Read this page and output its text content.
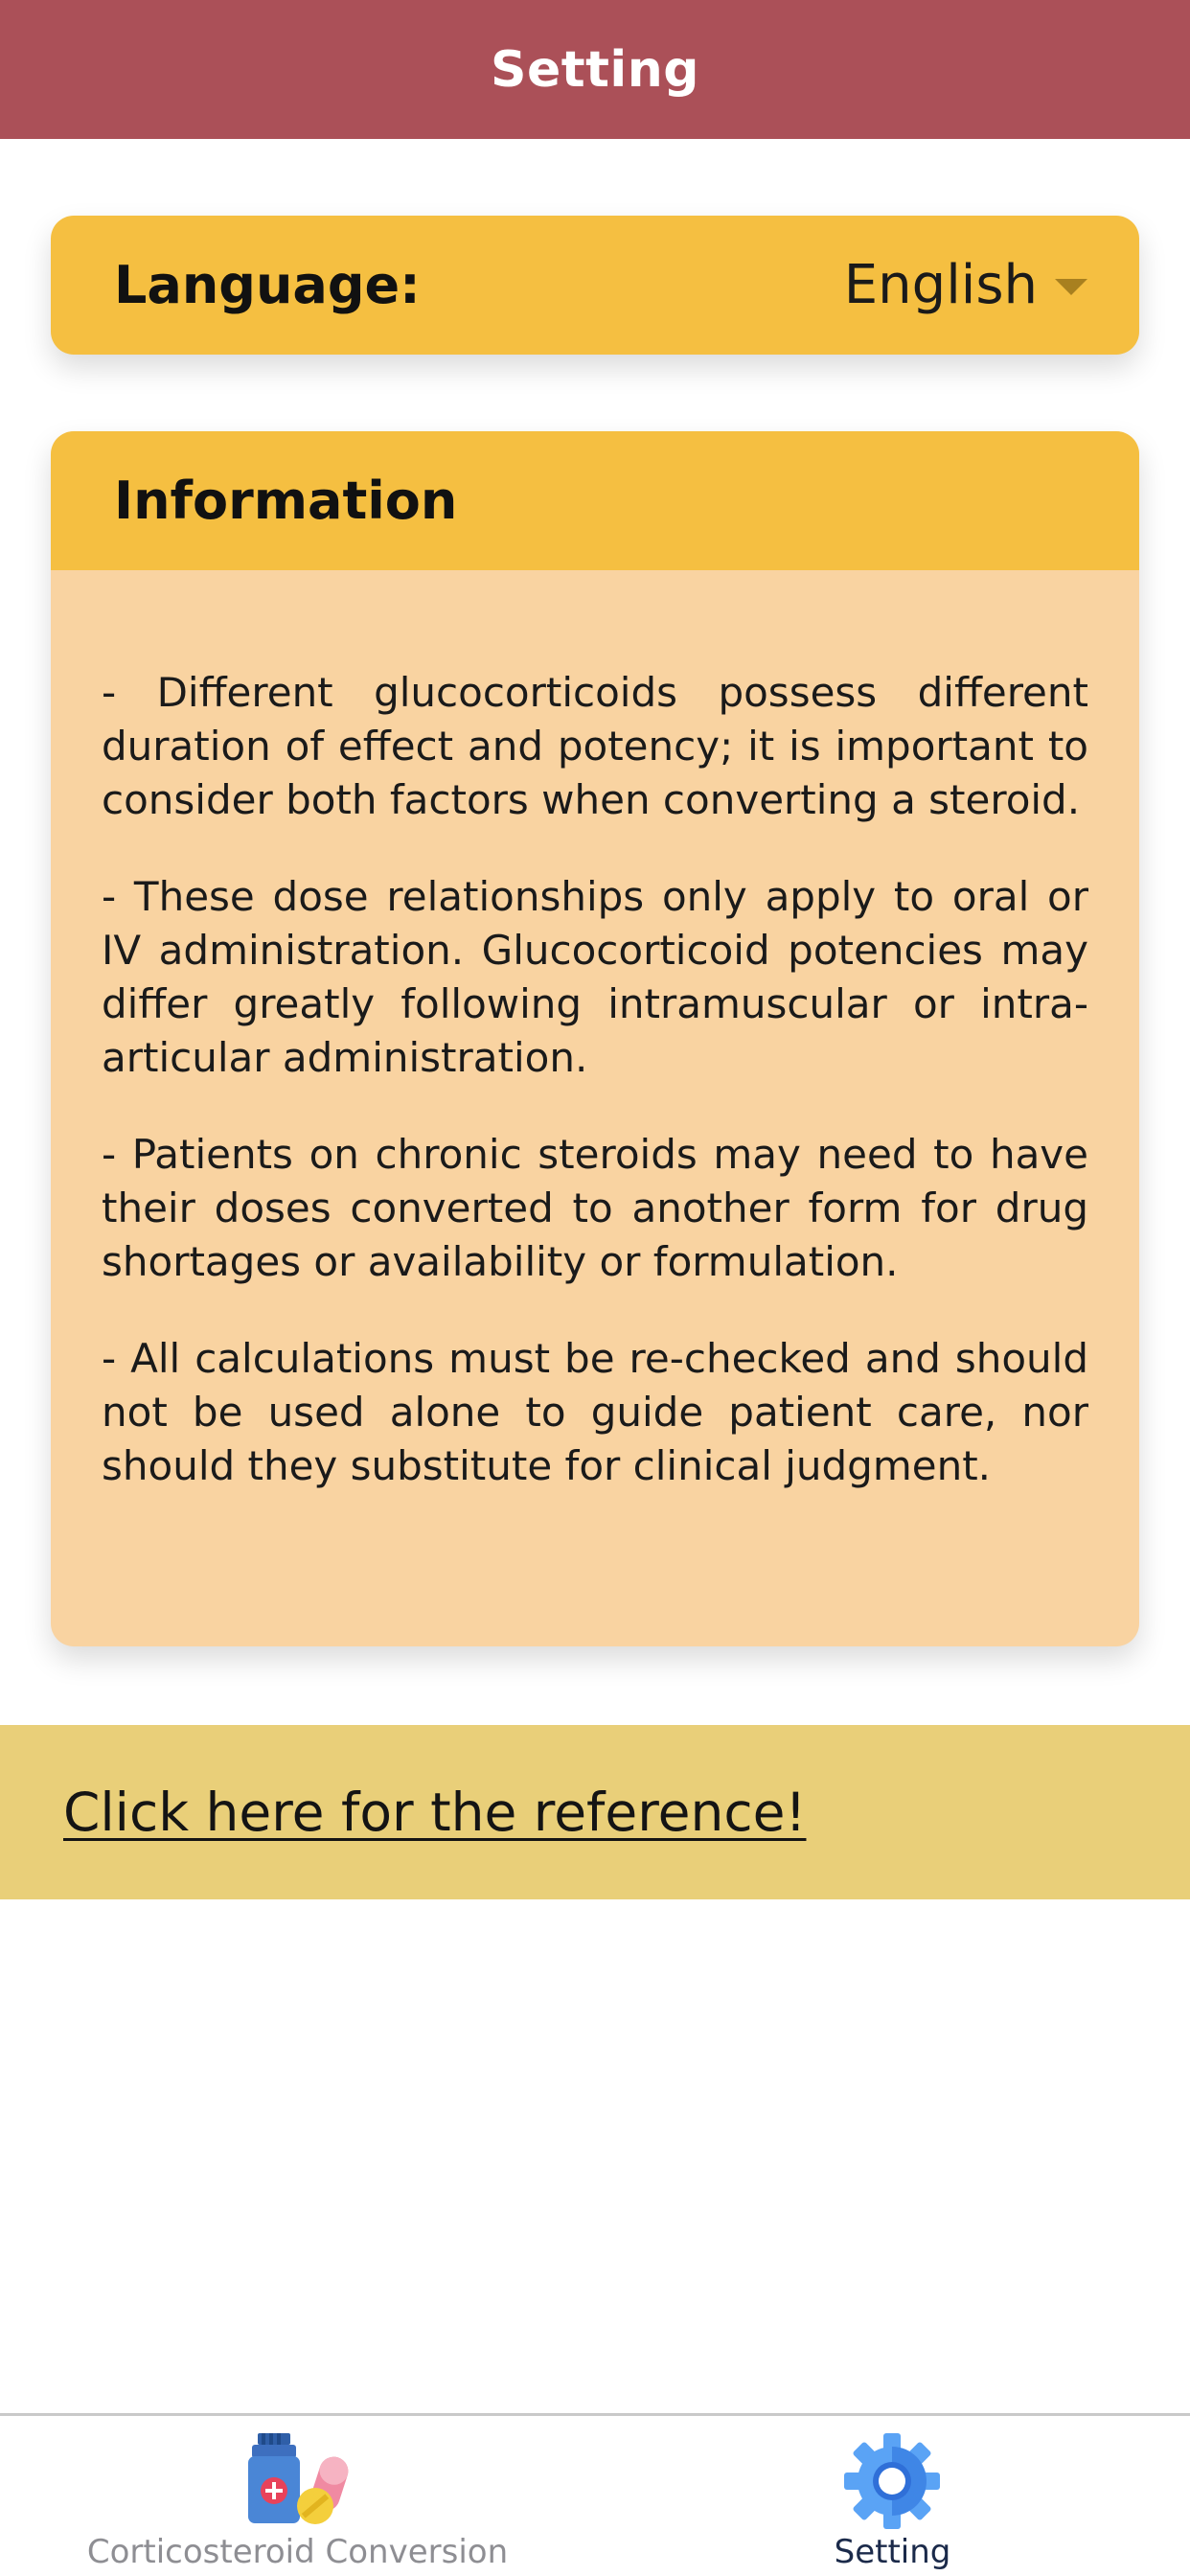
Setting
Language:	English
Information

- Different glucocorticoids possess different duration of effect and potency; it is important to consider both factors when converting a steroid.

- These dose relationships only apply to oral or IV administration. Glucocorticoid potencies may differ greatly following intramuscular or intra-articular administration.

- Patients on chronic steroids may need to have their doses converted to another form for drug shortages or availability or formulation.

- All calculations must be re-checked and should not be used alone to guide patient care, nor should they substitute for clinical judgment.

Click here for the reference!
Corticosteroid Conversion	Setting
